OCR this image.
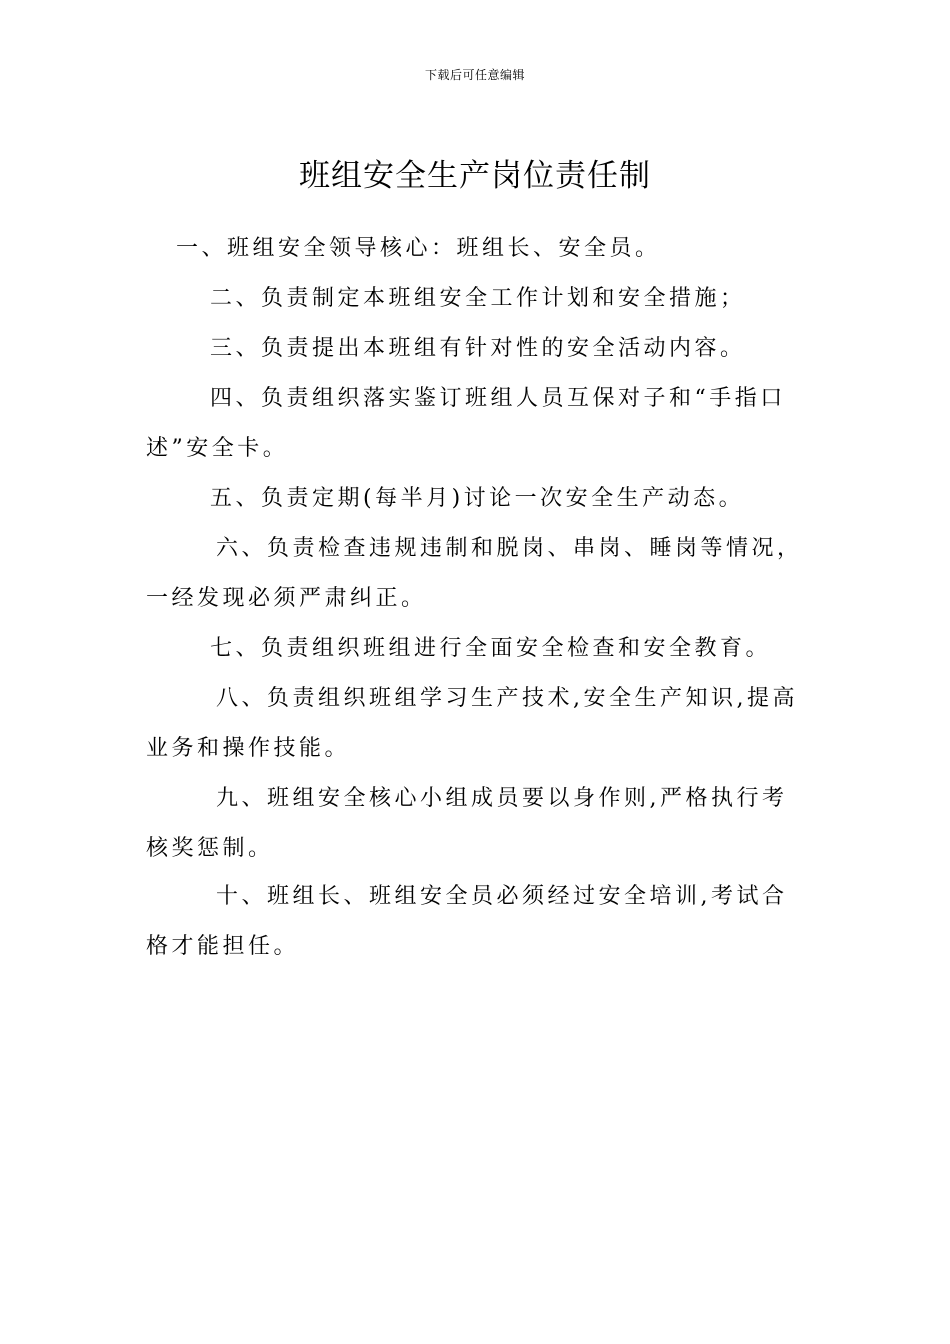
下载后可任意编辑
班组安全生产岗位责任制
一、班组安全领导核心：班组长、安全员。
二、负责制定本班组安全工作计划和安全措施；
三、负责提出本班组有针对性的安全活动内容。
四、负责组织落实鉴订班组人员互保对子和“手指口
述”安全卡。
五、负责定期(每半月)讨论一次安全生产动态。
六、负责检查违规违制和脱岗、串岗、睡岗等情况，
一经发现必须严肃纠正。
七、负责组织班组进行全面安全检查和安全教育。
八、负责组织班组学习生产技术,安全生产知识,提高
业务和操作技能。
九、班组安全核心小组成员要以身作则,严格执行考
核奖惩制。
十、班组长、班组安全员必须经过安全培训,考试合
格才能担任。
